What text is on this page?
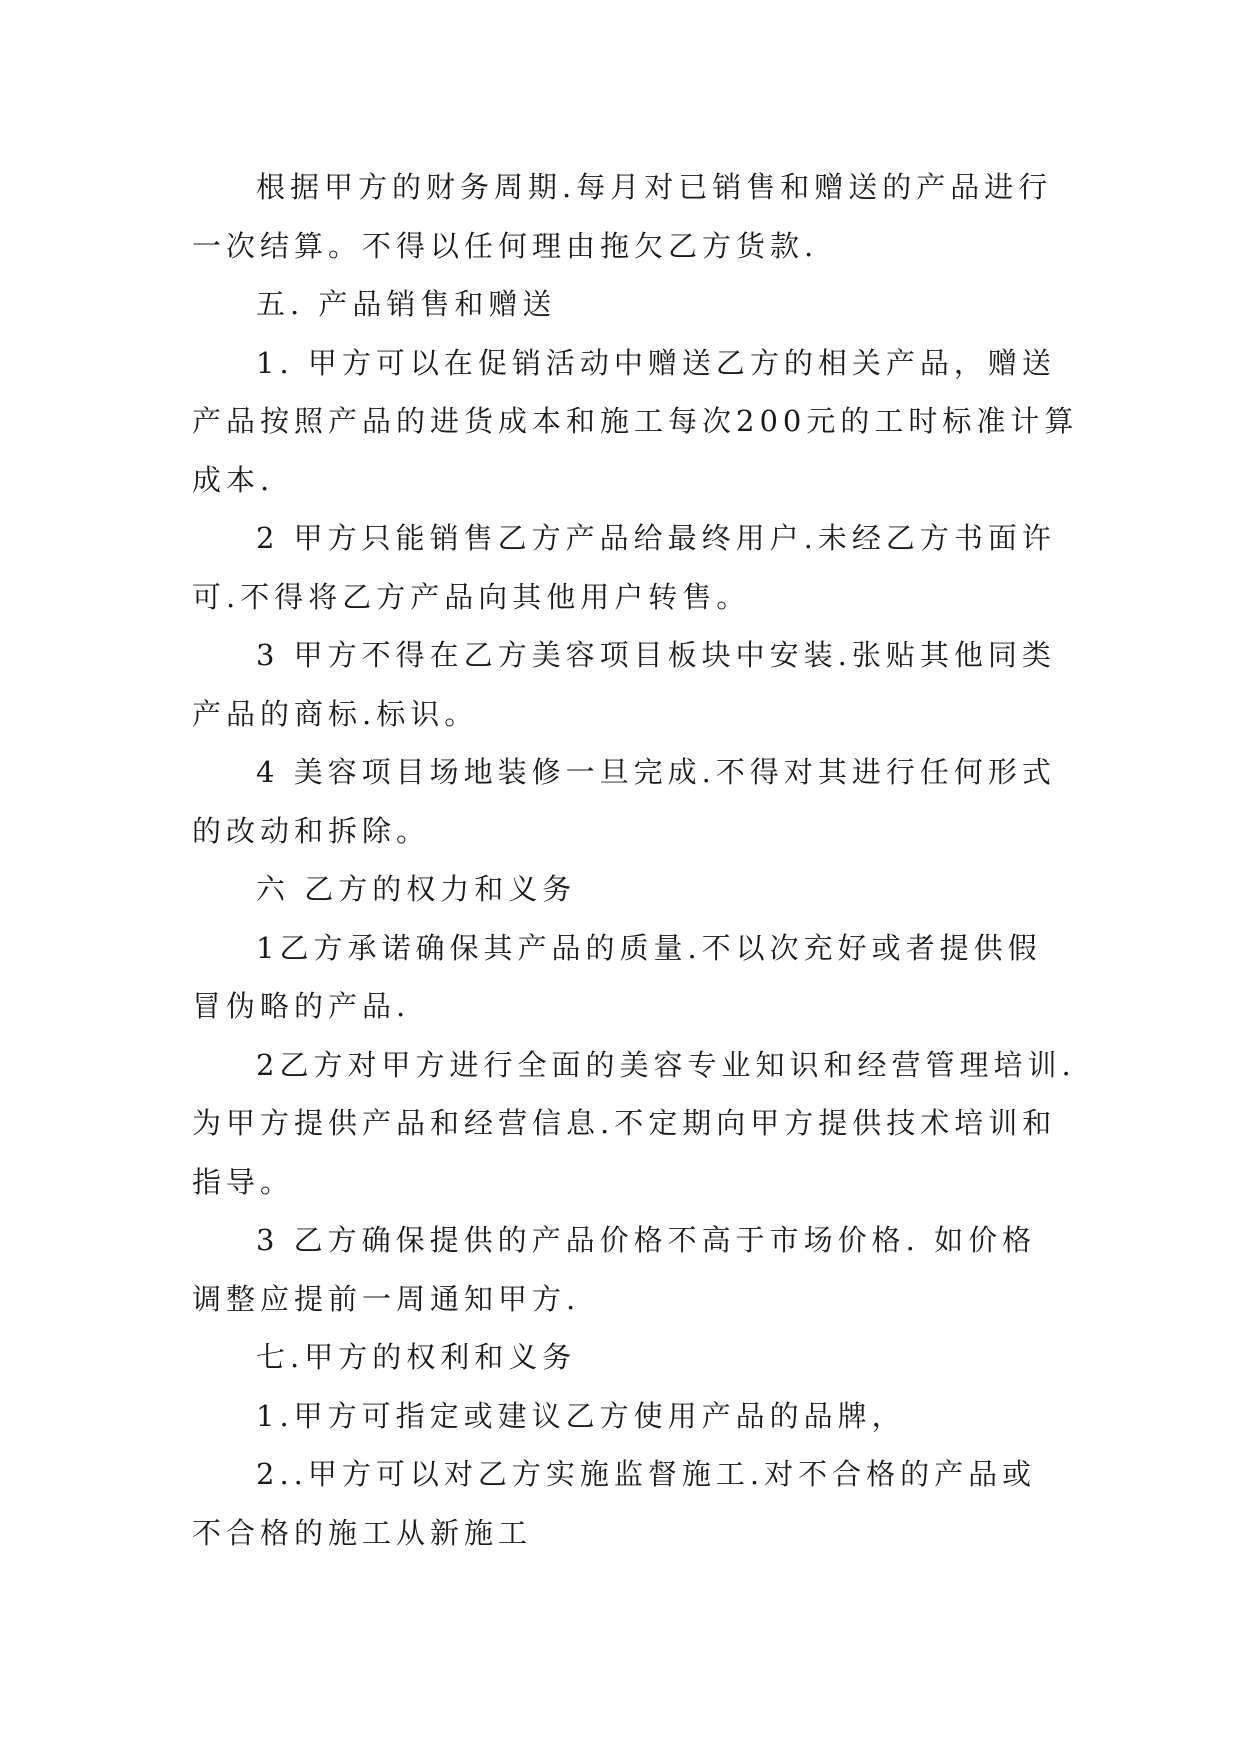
根据甲方的财务周期.每月对已销售和赠送的产品进行

一次结算。不得以任何理由拖欠乙方货款.

五. 产品销售和赠送

1. 甲方可以在促销活动中赠送乙方的相关产品，赠送

产品按照产品的进货成本和施工每次200元的工时标准计算

成本.

2 甲方只能销售乙方产品给最终用户.未经乙方书面许

可.不得将乙方产品向其他用户转售。

3 甲方不得在乙方美容项目板块中安装.张贴其他同类

产品的商标.标识。

4 美容项目场地装修一旦完成.不得对其进行任何形式

的改动和拆除。

六 乙方的权力和义务

1乙方承诺确保其产品的质量.不以次充好或者提供假

冒伪略的产品.

2乙方对甲方进行全面的美容专业知识和经营管理培训.

为甲方提供产品和经营信息.不定期向甲方提供技术培训和

指导。

3 乙方确保提供的产品价格不高于市场价格. 如价格

调整应提前一周通知甲方.

七.甲方的权利和义务

1.甲方可指定或建议乙方使用产品的品牌，

2..甲方可以对乙方实施监督施工.对不合格的产品或

不合格的施工从新施工
